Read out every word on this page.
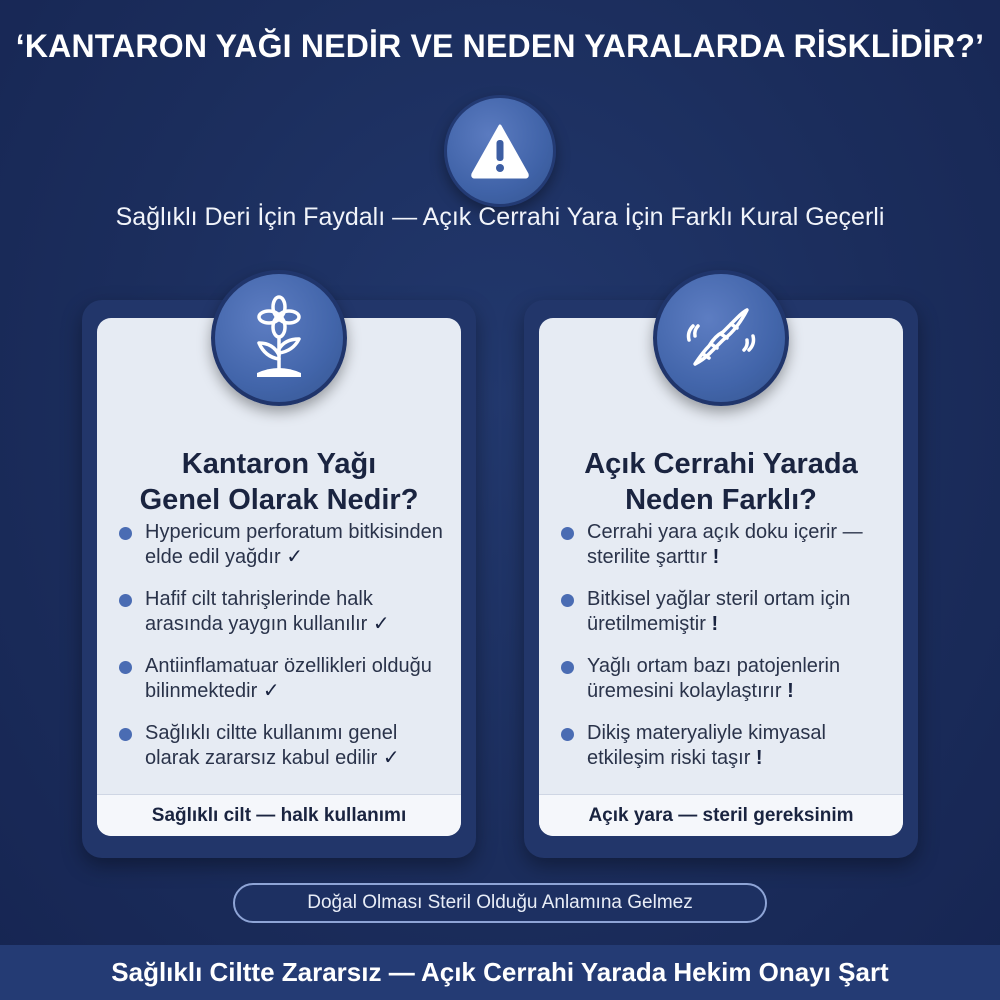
‘KANTARON YAĞI NEDİR VE NEDEN YARALARDA RİSKLİDİR?’
Sağlıklı Deri İçin Faydalı — Açık Cerrahi Yara İçin Farklı Kural Geçerli
Kantaron Yağı
Genel Olarak Nedir?
Hypericum perforatum bitkisinden elde edil yağdır ✓
Hafif cilt tahrişlerinde halk arasında yaygın kullanılır ✓
Antiinflamatuar özellikleri olduğu bilinmektedir ✓
Sağlıklı ciltte kullanımı genel olarak zararsız kabul edilir ✓
Sağlıklı cilt — halk kullanımı
Açık Cerrahi Yarada
Neden Farklı?
Cerrahi yara açık doku içerir — sterilite şarttır !
Bitkisel yağlar steril ortam için üretilmemiştir !
Yağlı ortam bazı patojenlerin üremesini kolaylaştırır !
Dikiş materyaliyle kimyasal etkileşim riski taşır !
Açık yara — steril gereksinim
Doğal Olması Steril Olduğu Anlamına Gelmez
Sağlıklı Ciltte Zararsız — Açık Cerrahi Yarada Hekim Onayı Şart
